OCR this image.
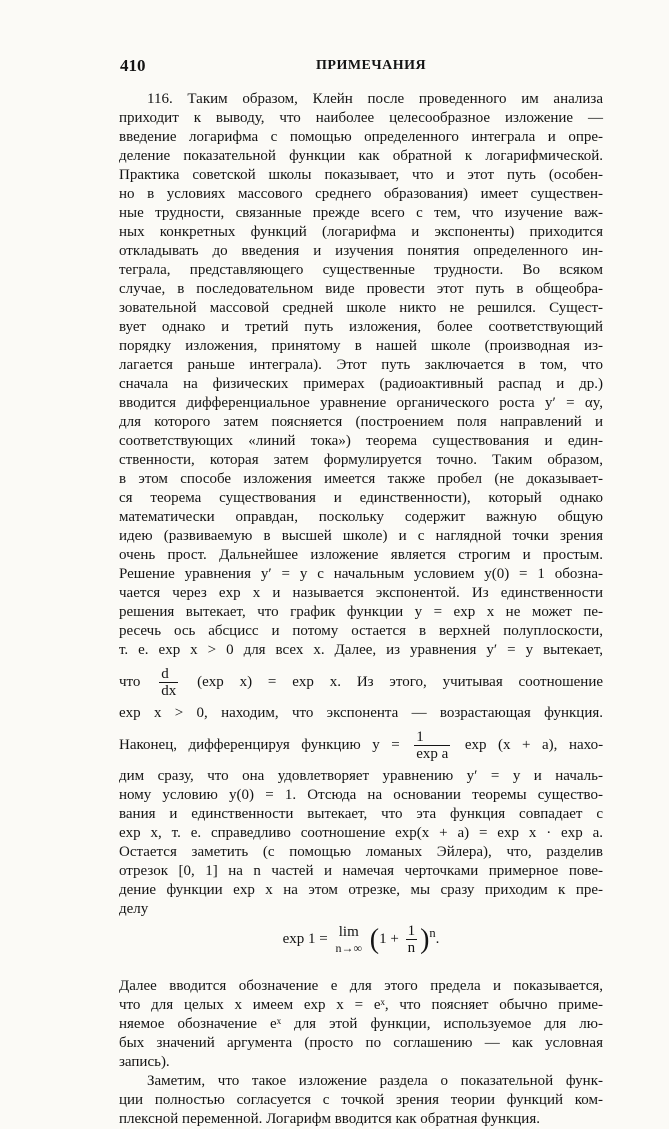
410	ПРИМЕЧАНИЯ
116. Таким образом, Клейн после проведенного им анализа
приходит к выводу, что наиболее целесообразное изложение —
введение логарифма с помощью определенного интеграла и опре-
деление показательной функции как обратной к логарифмической.
Практика советской школы показывает, что и этот путь (особен-
но в условиях массового среднего образования) имеет существен-
ные трудности, связанные прежде всего с тем, что изучение важ-
ных конкретных функций (логарифма и экспоненты) приходится
откладывать до введения и изучения понятия определенного ин-
теграла, представляющего существенные трудности. Во всяком
случае, в последовательном виде провести этот путь в общеобра-
зовательной массовой средней школе никто не решился. Сущест-
вует однако и третий путь изложения, более соответствующий
порядку изложения, принятому в нашей школе (производная из-
лагается раньше интеграла). Этот путь заключается в том, что
сначала на физических примерах (радиоактивный распад и др.)
вводится дифференциальное уравнение органического роста y′ = αy,
для которого затем поясняется (построением поля направлений и
соответствующих «линий тока») теорема существования и един-
ственности, которая затем формулируется точно. Таким образом,
в этом способе изложения имеется также пробел (не доказывает-
ся теорема существования и единственности), который однако
математически оправдан, поскольку содержит важную общую
идею (развиваемую в высшей школе) и с наглядной точки зрения
очень прост. Дальнейшее изложение является строгим и простым.
Решение уравнения y′ = y с начальным условием y(0) = 1 обозна-
чается через exp x и называется экспонентой. Из единственности
решения вытекает, что график функции y = exp x не может пе-
ресечь ось абсцисс и потому остается в верхней полуплоскости,
т. е. exp x > 0 для всех x. Далее, из уравнения y′ = y вытекает,
что $\frac{d}{dx} (\exp$ x) = exp x. Из этого, учитывая соотношение
exp x > 0, находим, что экспонента — возрастающая функция.
Наконец, дифференцируя функцию $y = \frac{1}{\text{exp a}}$ exp (x + a), нахо-
дим сразу, что она удовлетворяет уравнению y′ = y и началь-
ному условию y(0) = 1. Отсюда на основании теоремы существо-
вания и единственности вытекает, что эта функция совпадает с
exp x, т. е. справедливо соотношение exp(x + a) = exp x · exp a.
Остается заметить (с помощью ломаных Эйлера), что, разделив
отрезок [0, 1] на n частей и намечая черточками примерное пове-
дение функции exp x на этом отрезке, мы сразу приходим к пре-
делу
exp 1 = lim
n→∞ $(1 + \frac{1}{n} )^n$.
Далее вводится обозначение e для этого предела и показывается,
что для целых x имеем exp x = eˣ, что поясняет обычно приме-
няемое обозначение eˣ для этой функции, используемое для лю-
бых значений аргумента (просто по соглашению — как условная
запись).
Заметим, что такое изложение раздела о показательной функ-
ции полностью согласуется с точкой зрения теории функций ком-
плексной переменной. Логарифм вводится как обратная функция.
